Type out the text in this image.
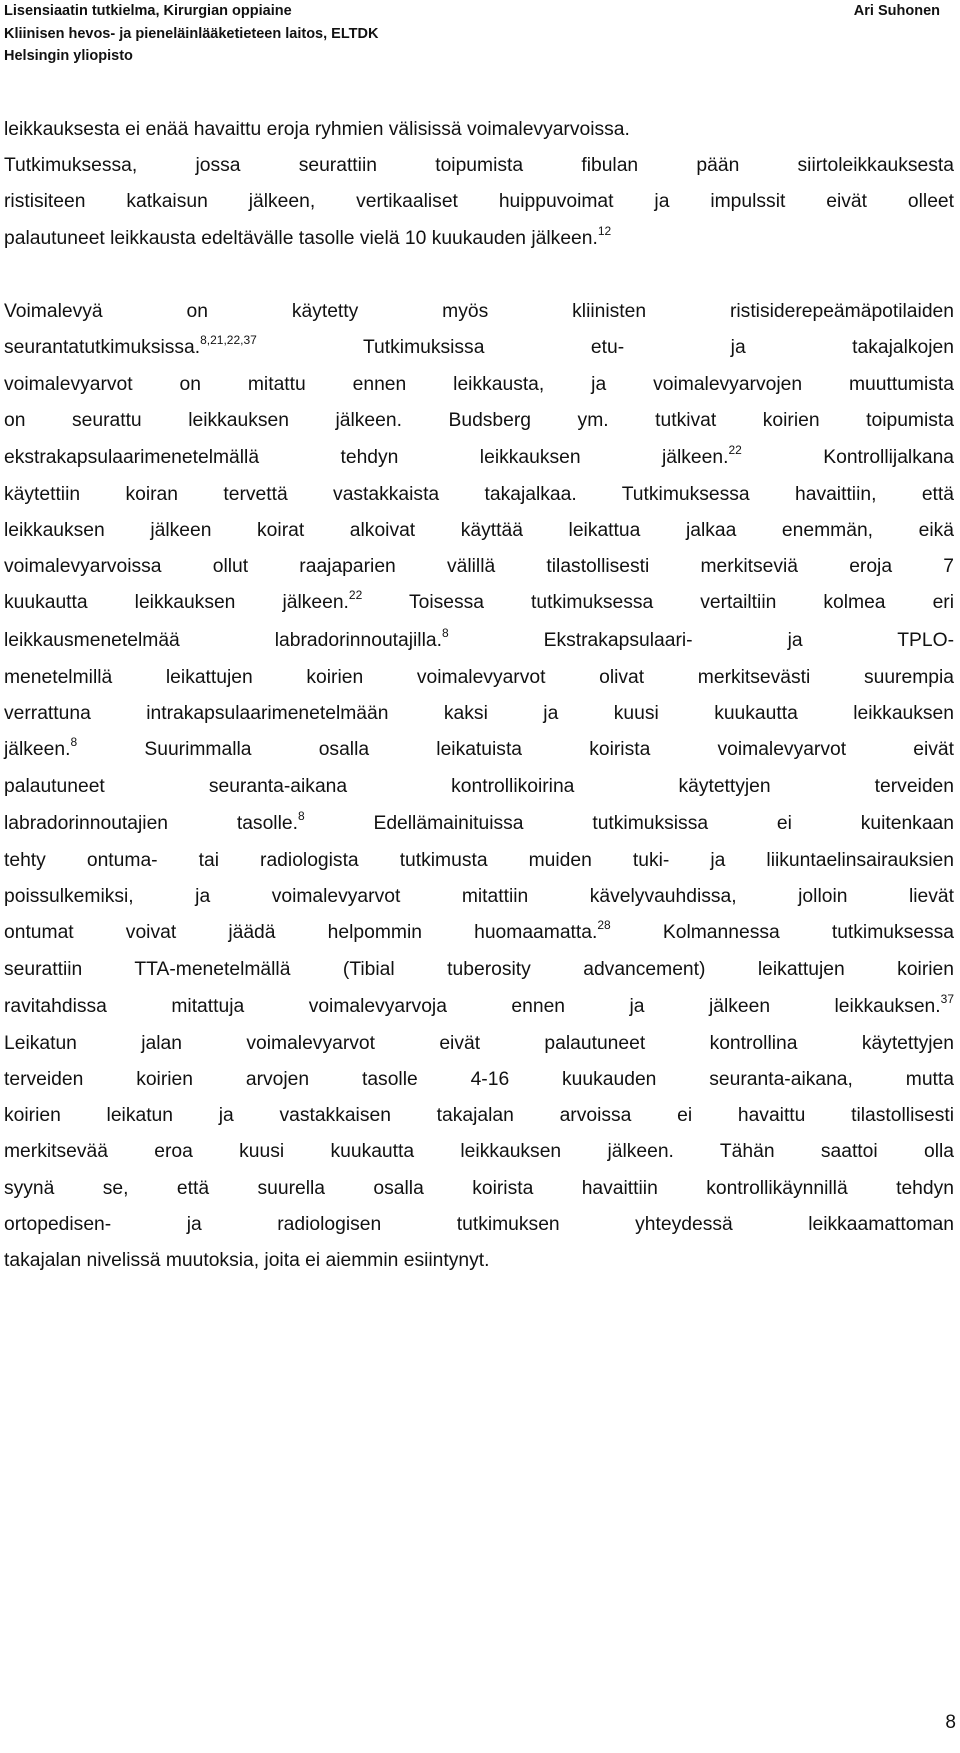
Lisensiaatin tutkielma, Kirurgian oppiaine	Ari Suhonen
Kliinisen hevos- ja pieneläinlääketieteen laitos, ELTDK
Helsingin yliopisto

leikkauksesta ei enää havaittu eroja ryhmien välisissä voimalevyarvoissa.

Tutkimuksessa, jossa seurattiin toipumista fibulan pään siirtoleikkauksesta

ristisiteen katkaisun jälkeen, vertikaaliset huippuvoimat ja impulssit eivät olleet

palautuneet leikkausta edeltävälle tasolle vielä 10 kuukauden jälkeen.$^{12}$

Voimalevyä on käytetty myös kliinisten ristisiderepeämäpotilaiden

seurantatutkimuksissa.$^{8,21,22,37}$	Tutkimuksissa etu- ja takajalkojen

voimalevyarvot on mitattu ennen leikkausta, ja voimalevyarvojen muuttumista

on seurattu leikkauksen jälkeen. Budsberg ym. tutkivat koirien toipumista

ekstrakapsulaarimenetelmällä tehdyn leikkauksen jälkeen.$^{22}$	Kontrollijalkana

käytettiin koiran tervettä vastakkaista takajalkaa. Tutkimuksessa havaittiin, että

leikkauksen jälkeen koirat alkoivat käyttää leikattua jalkaa enemmän, eikä

voimalevyarvoissa ollut raajaparien välillä tilastollisesti merkitseviä eroja 7

kuukautta leikkauksen jälkeen.$^{22}$ Toisessa tutkimuksessa vertailtiin kolmea eri

leikkausmenetelmää labradorinnoutajilla.$^8$	Ekstrakapsulaari- ja TPLO-

menetelmillä leikattujen koirien voimalevyarvot olivat merkitsevästi suurempia

verrattuna intrakapsulaarimenetelmään kaksi ja kuusi kuukautta leikkauksen

jälkeen.$^8$	Suurimmalla osalla leikatuista koirista voimalevyarvot eivät

palautuneet seuranta-aikana kontrollikoirina käytettyjen terveiden

labradorinnoutajien tasolle.$^8$	Edellämainituissa tutkimuksissa ei kuitenkaan

tehty ontuma- tai radiologista tutkimusta muiden tuki- ja liikuntaelinsairauksien

poissulkemiksi, ja voimalevyarvot mitattiin kävelyvauhdissa, jolloin lievät

ontumat voivat jäädä helpommin huomaamatta.$^{28}$	Kolmannessa tutkimuksessa

seurattiin TTA-menetelmällä (Tibial tuberosity advancement) leikattujen koirien

ravitahdissa mitattuja voimalevyarvoja ennen ja jälkeen leikkauksen.$^{37}$

Leikatun jalan voimalevyarvot eivät palautuneet kontrollina käytettyjen

terveiden koirien arvojen tasolle 4-16 kuukauden seuranta-aikana, mutta

koirien leikatun ja vastakkaisen takajalan arvoissa ei havaittu tilastollisesti

merkitsevää eroa kuusi kuukautta leikkauksen jälkeen. Tähän saattoi olla

syynä se, että suurella osalla koirista havaittiin kontrollikäynnillä tehdyn

ortopedisen- ja radiologisen tutkimuksen yhteydessä leikkaamattoman

takajalan nivelissä muutoksia, joita ei aiemmin esiintynyt.

8
